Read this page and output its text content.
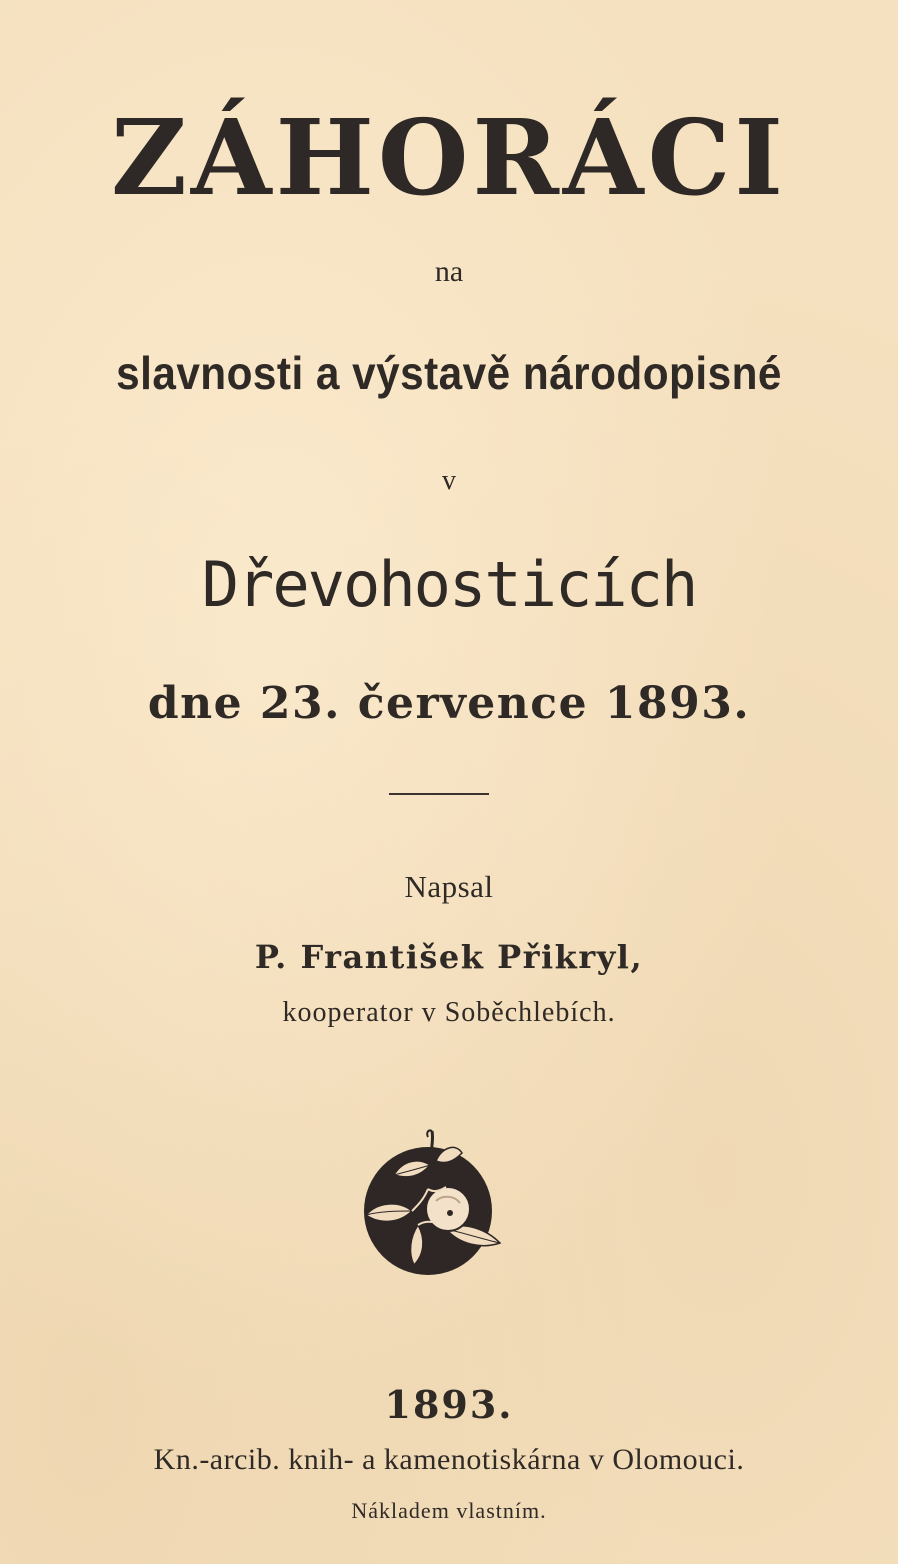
ZÁHORÁCI
na
slavnosti a výstavě národopisné
v
Dřevohosticích
dne 23. července 1893.
Napsal
P. František Přikryl,
kooperator v Soběchlebích.
1893.
Kn.-arcib. knih- a kamenotiskárna v Olomouci.
Nákladem vlastním.
